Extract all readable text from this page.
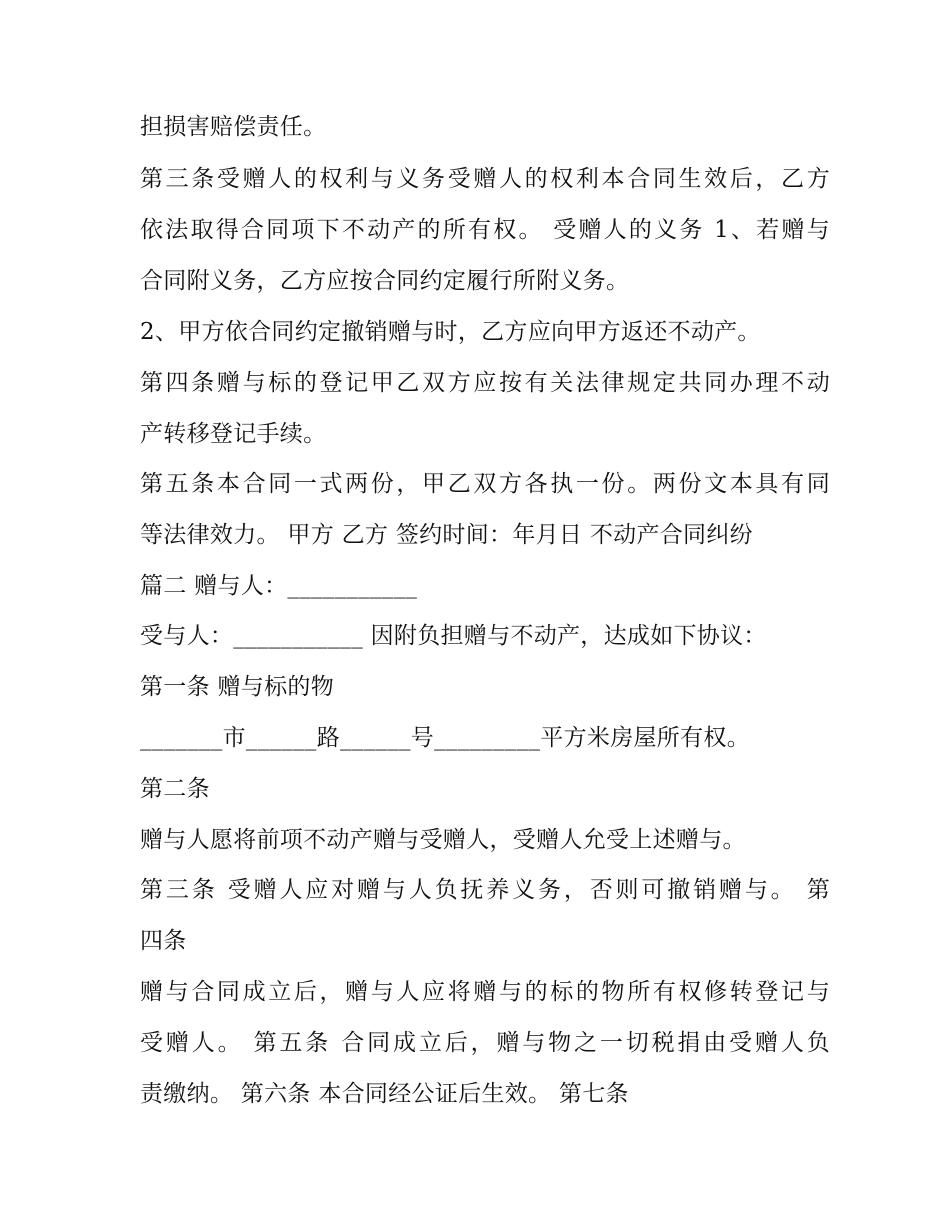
担损害赔偿责任。
第三条受赠人的权利与义务受赠人的权利本合同生效后，乙方
依法取得合同项下不动产的所有权。 受赠人的义务 1、若赠与
合同附义务，乙方应按合同约定履行所附义务。
2、甲方依合同约定撤销赠与时，乙方应向甲方返还不动产。
第四条赠与标的登记甲乙双方应按有关法律规定共同办理不动
产转移登记手续。
第五条本合同一式两份，甲乙双方各执一份。两份文本具有同
等法律效力。 甲方 乙方 签约时间：年月日 不动产合同纠纷
篇二 赠与人：___________
受与人：___________ 因附负担赠与不动产，达成如下协议：
第一条 赠与标的物
_______市______路______号_________平方米房屋所有权。
第二条
赠与人愿将前项不动产赠与受赠人，受赠人允受上述赠与。
第三条 受赠人应对赠与人负抚养义务，否则可撤销赠与。 第
四条
赠与合同成立后，赠与人应将赠与的标的物所有权修转登记与
受赠人。 第五条 合同成立后，赠与物之一切税捐由受赠人负
责缴纳。 第六条 本合同经公证后生效。 第七条
